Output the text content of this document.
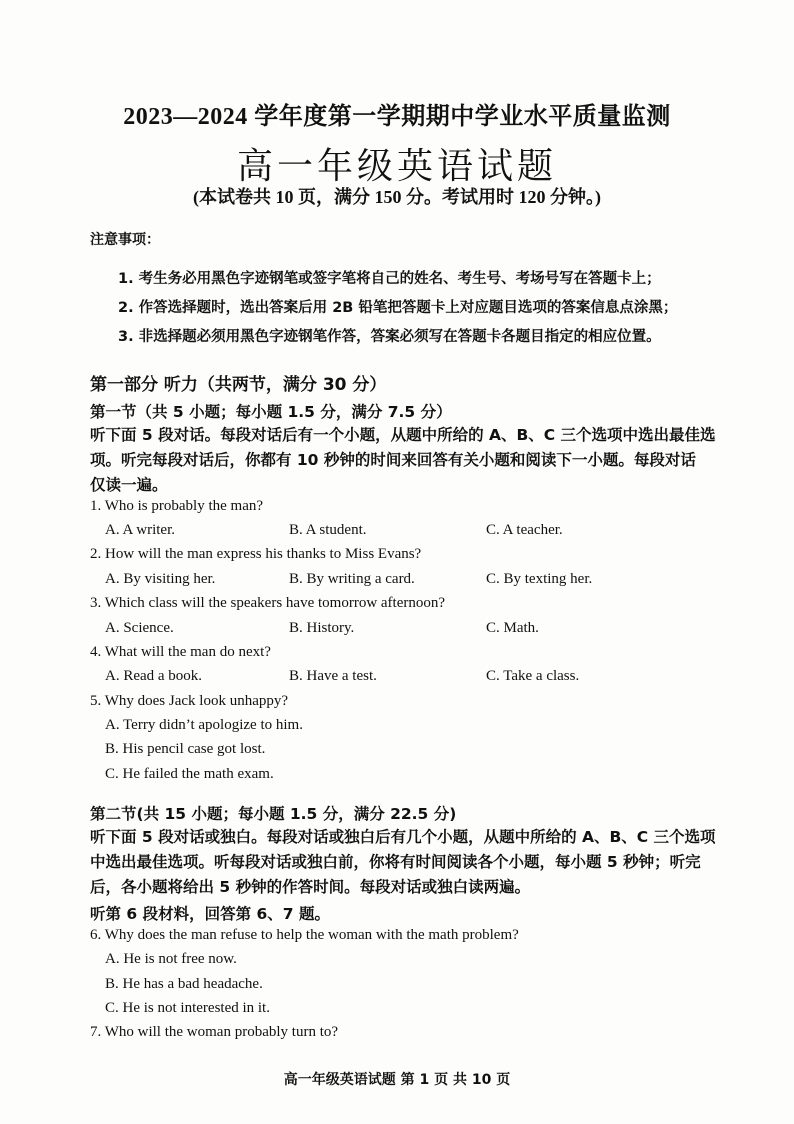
2023—2024 学年度第一学期期中学业水平质量监测
高一年级英语试题
(本试卷共 10 页，满分 150 分。考试用时 120 分钟。)
注意事项：
1. 考生务必用黑色字迹钢笔或签字笔将自己的姓名、考生号、考场号写在答题卡上；
2. 作答选择题时，选出答案后用 2B 铅笔把答题卡上对应题目选项的答案信息点涂黑；
3. 非选择题必须用黑色字迹钢笔作答，答案必须写在答题卡各题目指定的相应位置。
第一部分 听力（共两节，满分 30 分）
第一节（共 5 小题；每小题 1.5 分，满分 7.5 分）
听下面 5 段对话。每段对话后有一个小题，从题中所给的 A、B、C 三个选项中选出最佳选
项。听完每段对话后，你都有 10 秒钟的时间来回答有关小题和阅读下一小题。每段对话
仅读一遍。
1. Who is probably the man?
A. A writer.	B. A student.	C. A teacher.
2. How will the man express his thanks to Miss Evans?
A. By visiting her.	B. By writing a card.	C. By texting her.
3. Which class will the speakers have tomorrow afternoon?
A. Science.	B. History.	C. Math.
4. What will the man do next?
A. Read a book.	B. Have a test.	C. Take a class.
5. Why does Jack look unhappy?
A. Terry didn’t apologize to him.
B. His pencil case got lost.
C. He failed the math exam.
第二节(共 15 小题；每小题 1.5 分，满分 22.5 分)
听下面 5 段对话或独白。每段对话或独白后有几个小题，从题中所给的 A、B、C 三个选项
中选出最佳选项。听每段对话或独白前，你将有时间阅读各个小题，每小题 5 秒钟；听完
后，各小题将给出 5 秒钟的作答时间。每段对话或独白读两遍。
听第 6 段材料，回答第 6、7 题。
6. Why does the man refuse to help the woman with the math problem?
A. He is not free now.
B. He has a bad headache.
C. He is not interested in it.
7. Who will the woman probably turn to?
高一年级英语试题 第 1 页 共 10 页
